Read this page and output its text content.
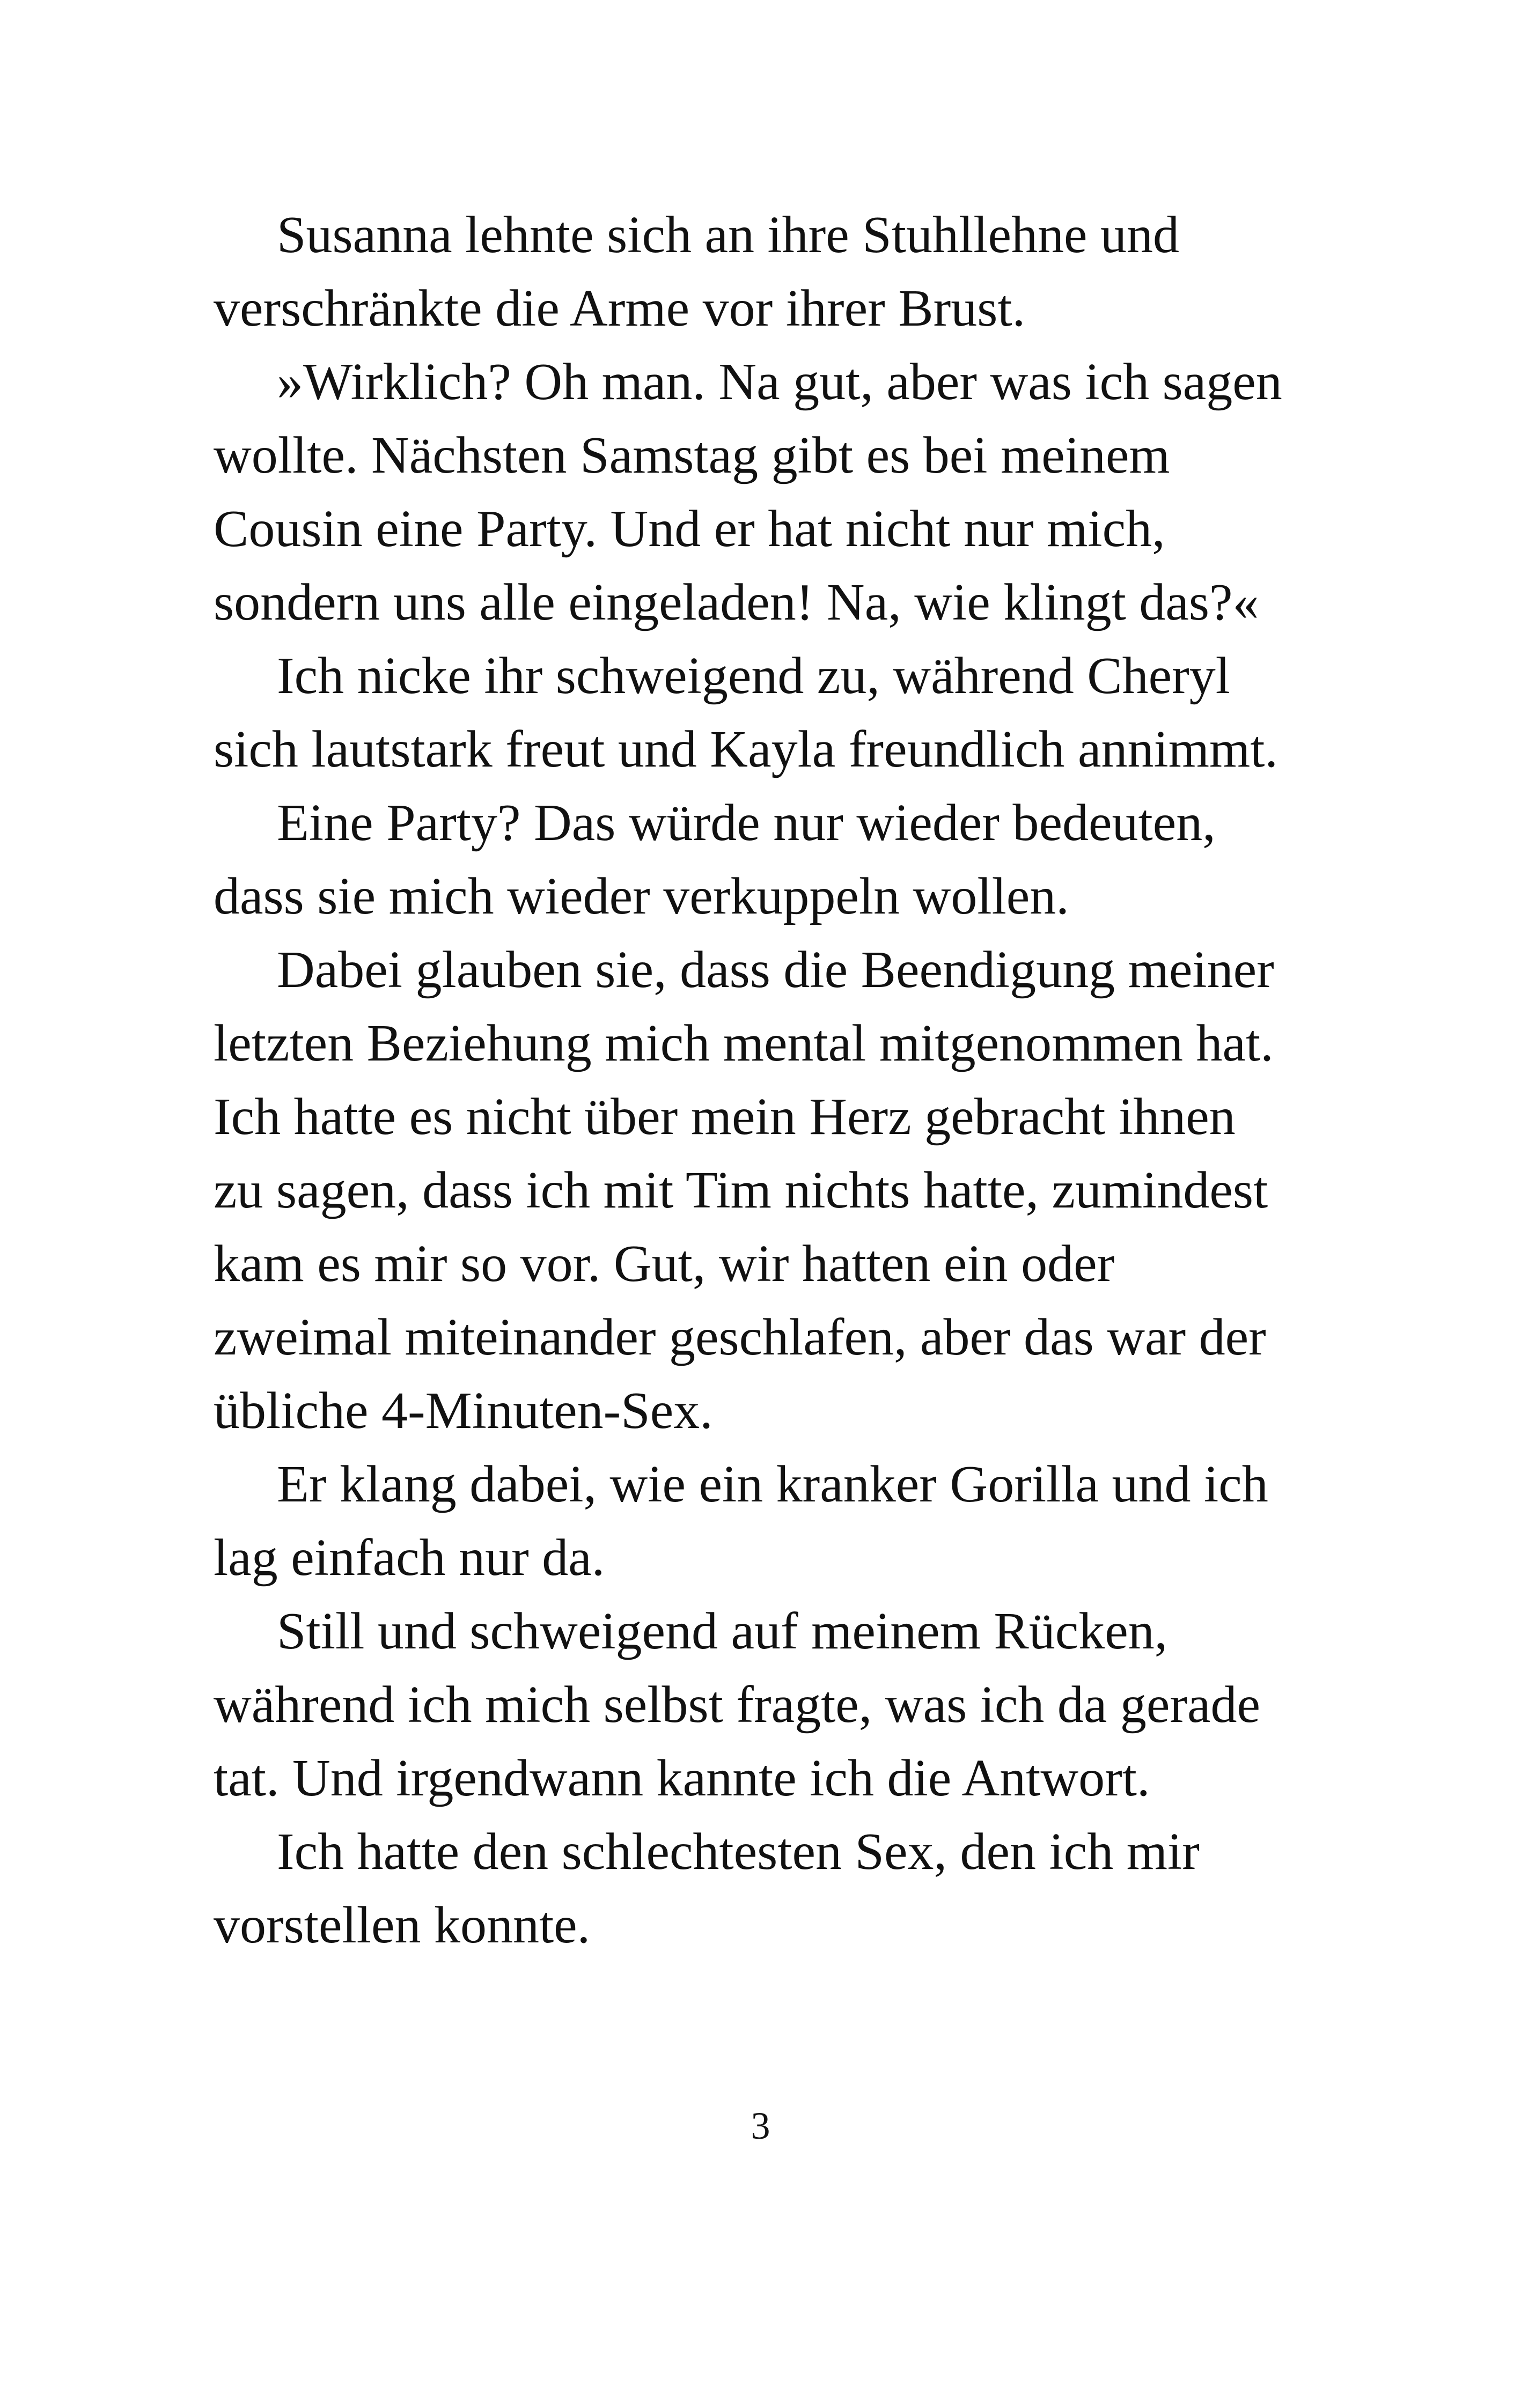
Susanna lehnte sich an ihre Stuhllehne und
verschränkte die Arme vor ihrer Brust.
»Wirklich? Oh man. Na gut, aber was ich sagen
wollte. Nächsten Samstag gibt es bei meinem
Cousin eine Party. Und er hat nicht nur mich,
sondern uns alle eingeladen! Na, wie klingt das?«
Ich nicke ihr schweigend zu, während Cheryl
sich lautstark freut und Kayla freundlich annimmt.
Eine Party? Das würde nur wieder bedeuten,
dass sie mich wieder verkuppeln wollen.
Dabei glauben sie, dass die Beendigung meiner
letzten Beziehung mich mental mitgenommen hat.
Ich hatte es nicht über mein Herz gebracht ihnen
zu sagen, dass ich mit Tim nichts hatte, zumindest
kam es mir so vor. Gut, wir hatten ein oder
zweimal miteinander geschlafen, aber das war der
übliche 4-Minuten-Sex.
Er klang dabei, wie ein kranker Gorilla und ich
lag einfach nur da.
Still und schweigend auf meinem Rücken,
während ich mich selbst fragte, was ich da gerade
tat. Und irgendwann kannte ich die Antwort.
Ich hatte den schlechtesten Sex, den ich mir
vorstellen konnte.
3
